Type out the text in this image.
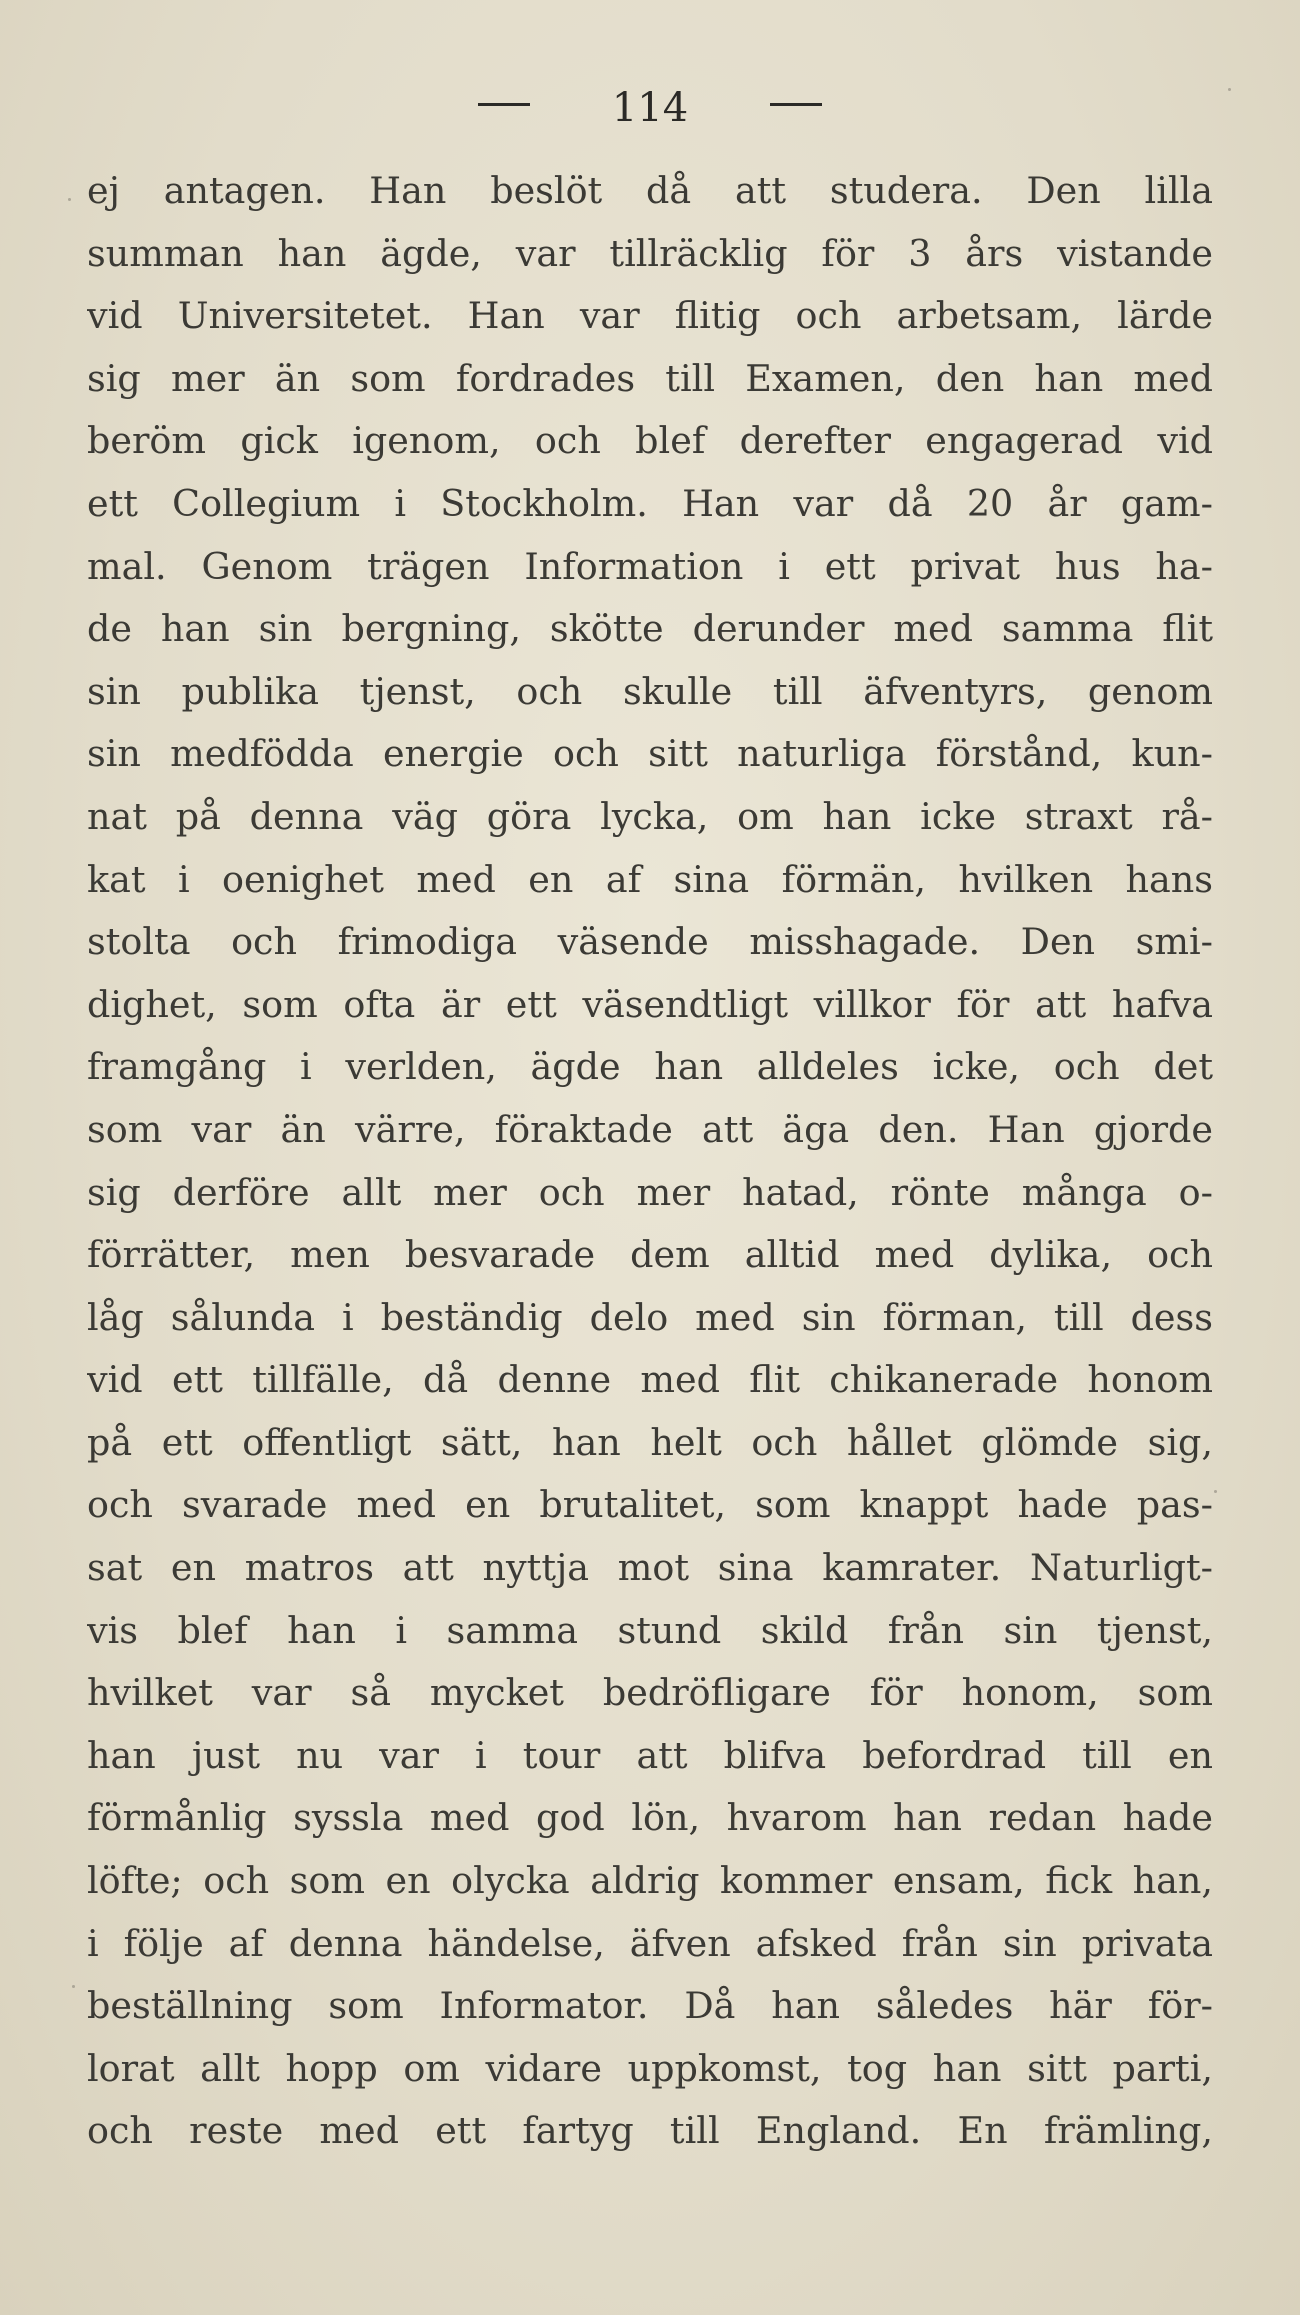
114
ej antagen. Han beslöt då att studera. Den lilla
summan han ägde, var tillräcklig för 3 års vistande
vid Universitetet. Han var flitig och arbetsam, lärde
sig mer än som fordrades till Examen, den han med
beröm gick igenom, och blef derefter engagerad vid
ett Collegium i Stockholm. Han var då 20 år gam-
mal. Genom trägen Information i ett privat hus ha-
de han sin bergning, skötte derunder med samma flit
sin publika tjenst, och skulle till äfventyrs, genom
sin medfödda energie och sitt naturliga förstånd, kun-
nat på denna väg göra lycka, om han icke straxt rå-
kat i oenighet med en af sina förmän, hvilken hans
stolta och frimodiga väsende misshagade. Den smi-
dighet, som ofta är ett väsendtligt villkor för att hafva
framgång i verlden, ägde han alldeles icke, och det
som var än värre, föraktade att äga den. Han gjorde
sig derföre allt mer och mer hatad, rönte många o-
förrätter, men besvarade dem alltid med dylika, och
låg sålunda i beständig delo med sin förman, till dess
vid ett tillfälle, då denne med flit chikanerade honom
på ett offentligt sätt, han helt och hållet glömde sig,
och svarade med en brutalitet, som knappt hade pas-
sat en matros att nyttja mot sina kamrater. Naturligt-
vis blef han i samma stund skild från sin tjenst,
hvilket var så mycket bedröfligare för honom, som
han just nu var i tour att blifva befordrad till en
förmånlig syssla med god lön, hvarom han redan hade
löfte; och som en olycka aldrig kommer ensam, fick han,
i följe af denna händelse, äfven afsked från sin privata
beställning som Informator. Då han således här för-
lorat allt hopp om vidare uppkomst, tog han sitt parti,
och reste med ett fartyg till England. En främling,
